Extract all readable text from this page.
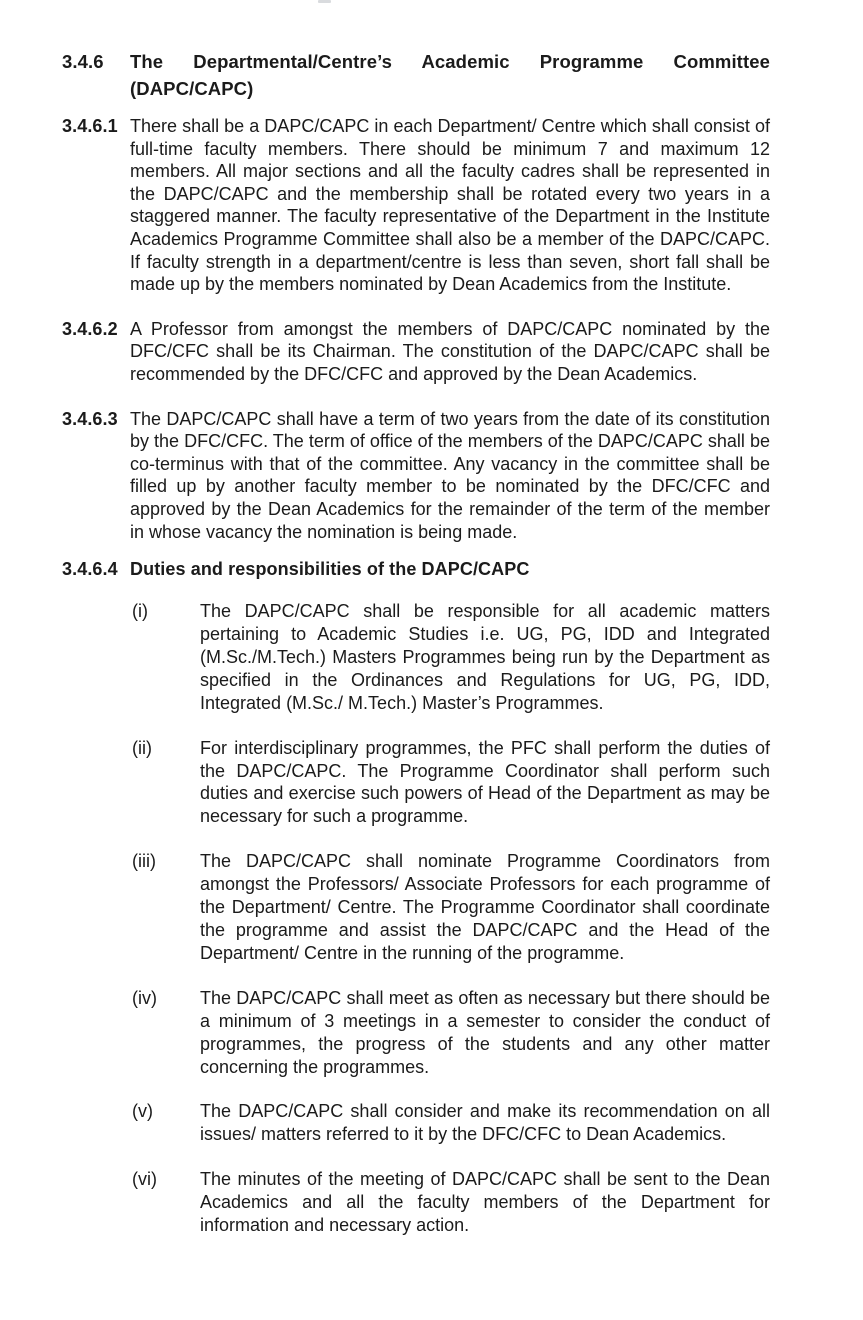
3.4.6	The Departmental/Centre’s Academic Programme Committee (DAPC/CAPC)
3.4.6.1 There shall be a DAPC/CAPC in each Department/ Centre which shall consist of full-time faculty members. There should be minimum 7 and maximum 12 members. All major sections and all the faculty cadres shall be represented in the DAPC/CAPC and the membership shall be rotated every two years in a staggered manner. The faculty representative of the Department in the Institute Academics Programme Committee shall also be a member of the DAPC/CAPC. If faculty strength in a department/centre is less than seven, short fall shall be made up by the members nominated by Dean Academics from the Institute.
3.4.6.2 A Professor from amongst the members of DAPC/CAPC nominated by the DFC/CFC shall be its Chairman. The constitution of the DAPC/CAPC shall be recommended by the DFC/CFC and approved by the Dean Academics.
3.4.6.3 The DAPC/CAPC shall have a term of two years from the date of its constitution by the DFC/CFC. The term of office of the members of the DAPC/CAPC shall be co-terminus with that of the committee. Any vacancy in the committee shall be filled up by another faculty member to be nominated by the DFC/CFC and approved by the Dean Academics for the remainder of the term of the member in whose vacancy the nomination is being made.
3.4.6.4 Duties and responsibilities of the DAPC/CAPC
(i)	The DAPC/CAPC shall be responsible for all academic matters pertaining to Academic Studies i.e. UG, PG, IDD and Integrated (M.Sc./M.Tech.) Masters Programmes being run by the Department as specified in the Ordinances and Regulations for UG, PG, IDD, Integrated (M.Sc./ M.Tech.) Master’s Programmes.
(ii)	For interdisciplinary programmes, the PFC shall perform the duties of the DAPC/CAPC. The Programme Coordinator shall perform such duties and exercise such powers of Head of the Department as may be necessary for such a programme.
(iii)	The DAPC/CAPC shall nominate Programme Coordinators from amongst the Professors/ Associate Professors for each programme of the Department/ Centre. The Programme Coordinator shall coordinate the programme and assist the DAPC/CAPC and the Head of the Department/ Centre in the running of the programme.
(iv)	The DAPC/CAPC shall meet as often as necessary but there should be a minimum of 3 meetings in a semester to consider the conduct of programmes, the progress of the students and any other matter concerning the programmes.
(v)	The DAPC/CAPC shall consider and make its recommendation on all issues/ matters referred to it by the DFC/CFC to Dean Academics.
(vi)	The minutes of the meeting of DAPC/CAPC shall be sent to the Dean Academics and all the faculty members of the Department for information and necessary action.
